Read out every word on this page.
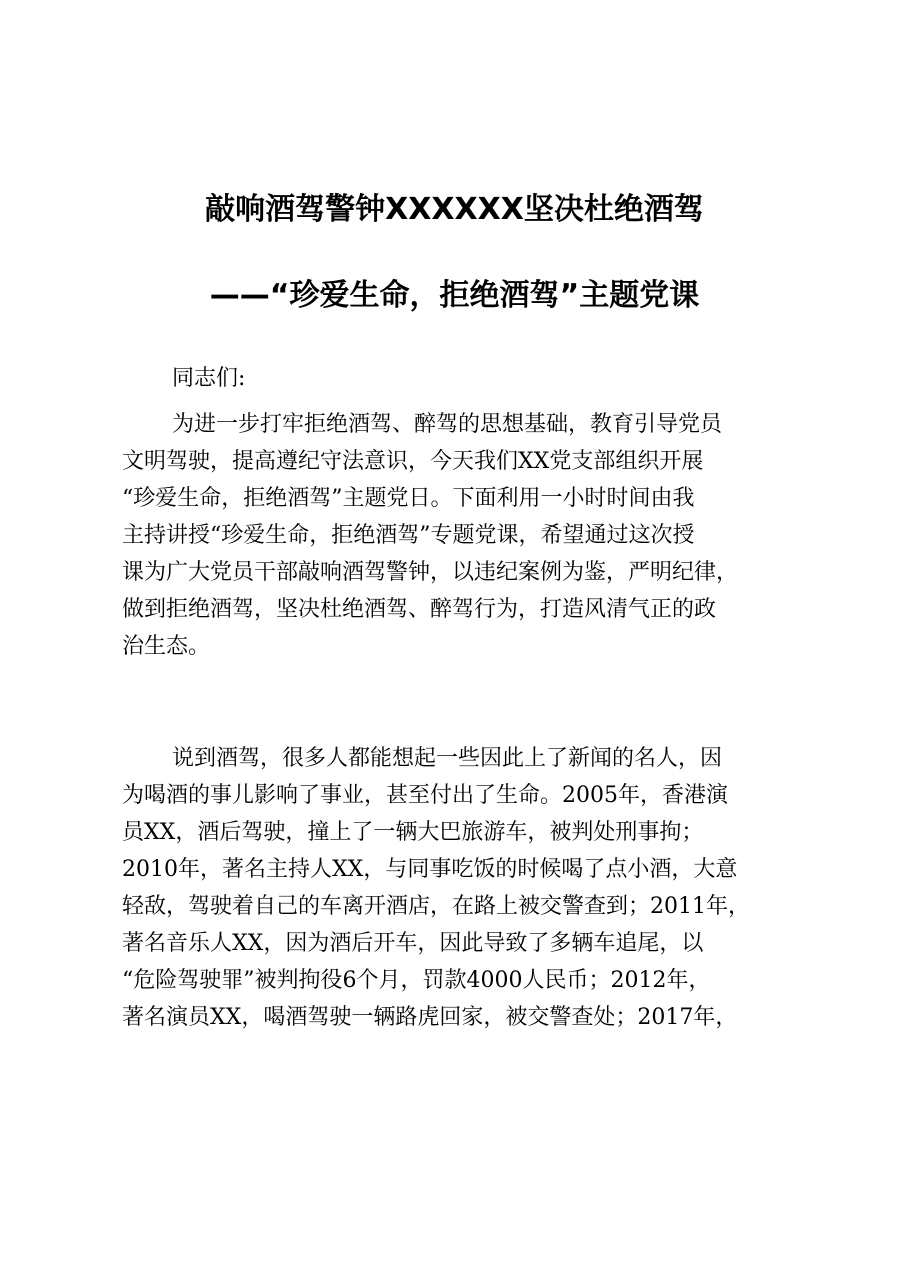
敲响酒驾警钟XXXXXX坚决杜绝酒驾
——“珍爱生命，拒绝酒驾”主题党课
同志们:
为进一步打牢拒绝酒驾、醉驾的思想基础，教育引导党员
文明驾驶，提高遵纪守法意识，今天我们XX党支部组织开展
“珍爱生命，拒绝酒驾”主题党日。下面利用一小时时间由我
主持讲授“珍爱生命，拒绝酒驾”专题党课，希望通过这次授
课为广大党员干部敲响酒驾警钟，以违纪案例为鉴，严明纪律，
做到拒绝酒驾，坚决杜绝酒驾、醉驾行为，打造风清气正的政
治生态。
说到酒驾，很多人都能想起一些因此上了新闻的名人，因
为喝酒的事儿影响了事业，甚至付出了生命。2005年，香港演
员XX，酒后驾驶，撞上了一辆大巴旅游车，被判处刑事拘；
2010年，著名主持人XX，与同事吃饭的时候喝了点小酒，大意
轻敌，驾驶着自己的车离开酒店，在路上被交警查到；2011年，
著名音乐人XX，因为酒后开车，因此导致了多辆车追尾，以
“危险驾驶罪”被判拘役6个月，罚款4000人民币；2012年，
著名演员XX，喝酒驾驶一辆路虎回家，被交警查处；2017年，
